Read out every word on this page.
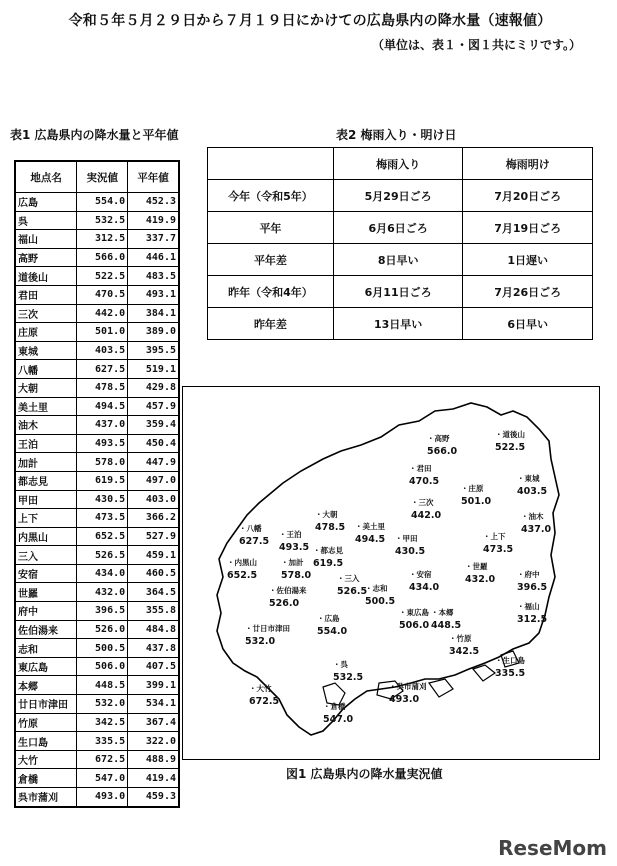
令和５年５月２９日から７月１９日にかけての広島県内の降水量（速報値）
（単位は、表１・図１共にミリです。）
表1 広島県内の降水量と平年値	表2 梅雨入り・明け日
地点名	実況値	平年値
広島	554.0	452.3
呉	532.5	419.9
福山	312.5	337.7
高野	566.0	446.1
道後山	522.5	483.5
君田	470.5	493.1
三次	442.0	384.1
庄原	501.0	389.0
東城	403.5	395.5
八幡	627.5	519.1
大朝	478.5	429.8
美土里	494.5	457.9
油木	437.0	359.4
王泊	493.5	450.4
加計	578.0	447.9
都志見	619.5	497.0
甲田	430.5	403.0
上下	473.5	366.2
内黒山	652.5	527.9
三入	526.5	459.1
安宿	434.0	460.5
世羅	432.0	364.5
府中	396.5	355.8
佐伯湯来	526.0	484.8
志和	500.5	437.8
東広島	506.0	407.5
本郷	448.5	399.1
廿日市津田	532.0	534.1
竹原	342.5	367.4
生口島	335.5	322.0
大竹	672.5	488.9
倉橋	547.0	419.4
呉市蒲刈	493.0	459.3
	梅雨入り	梅雨明け
今年（令和5年）	5月29日ごろ	7月20日ごろ
平年	6月6日ごろ	7月19日ごろ
平年差	8日早い	1日遅い
昨年（令和4年）	6月11日ごろ	7月26日ごろ
昨年差	13日早い	6日早い
・高野
566.0
・道後山
522.5
・君田
470.5	・東城
403.5
・庄原
501.0
・三次
442.0	・油木
437.0
・大朝
478.5 ・美土里
494.5
・八幡
627.5
・王泊
493.5
・甲田
430.5
・上下
473.5
・都志見
619.5
・加計
578.0
・内黒山
652.5	・三入
526.5
・安宿
434.0
・世羅
432.0	・府中
396.5
・佐伯湯来
526.0
・志和
500.5	・福山
312.5
・広島
554.0
・東広島
506.0
・本郷
448.5
・廿日市津田
532.0	・竹原
342.5
・生口島
335.5
・呉
532.5
・大竹
672.5
・呉市蒲刈
493.0
・倉橋
547.0
図1 広島県内の降水量実況値
ReseMom
